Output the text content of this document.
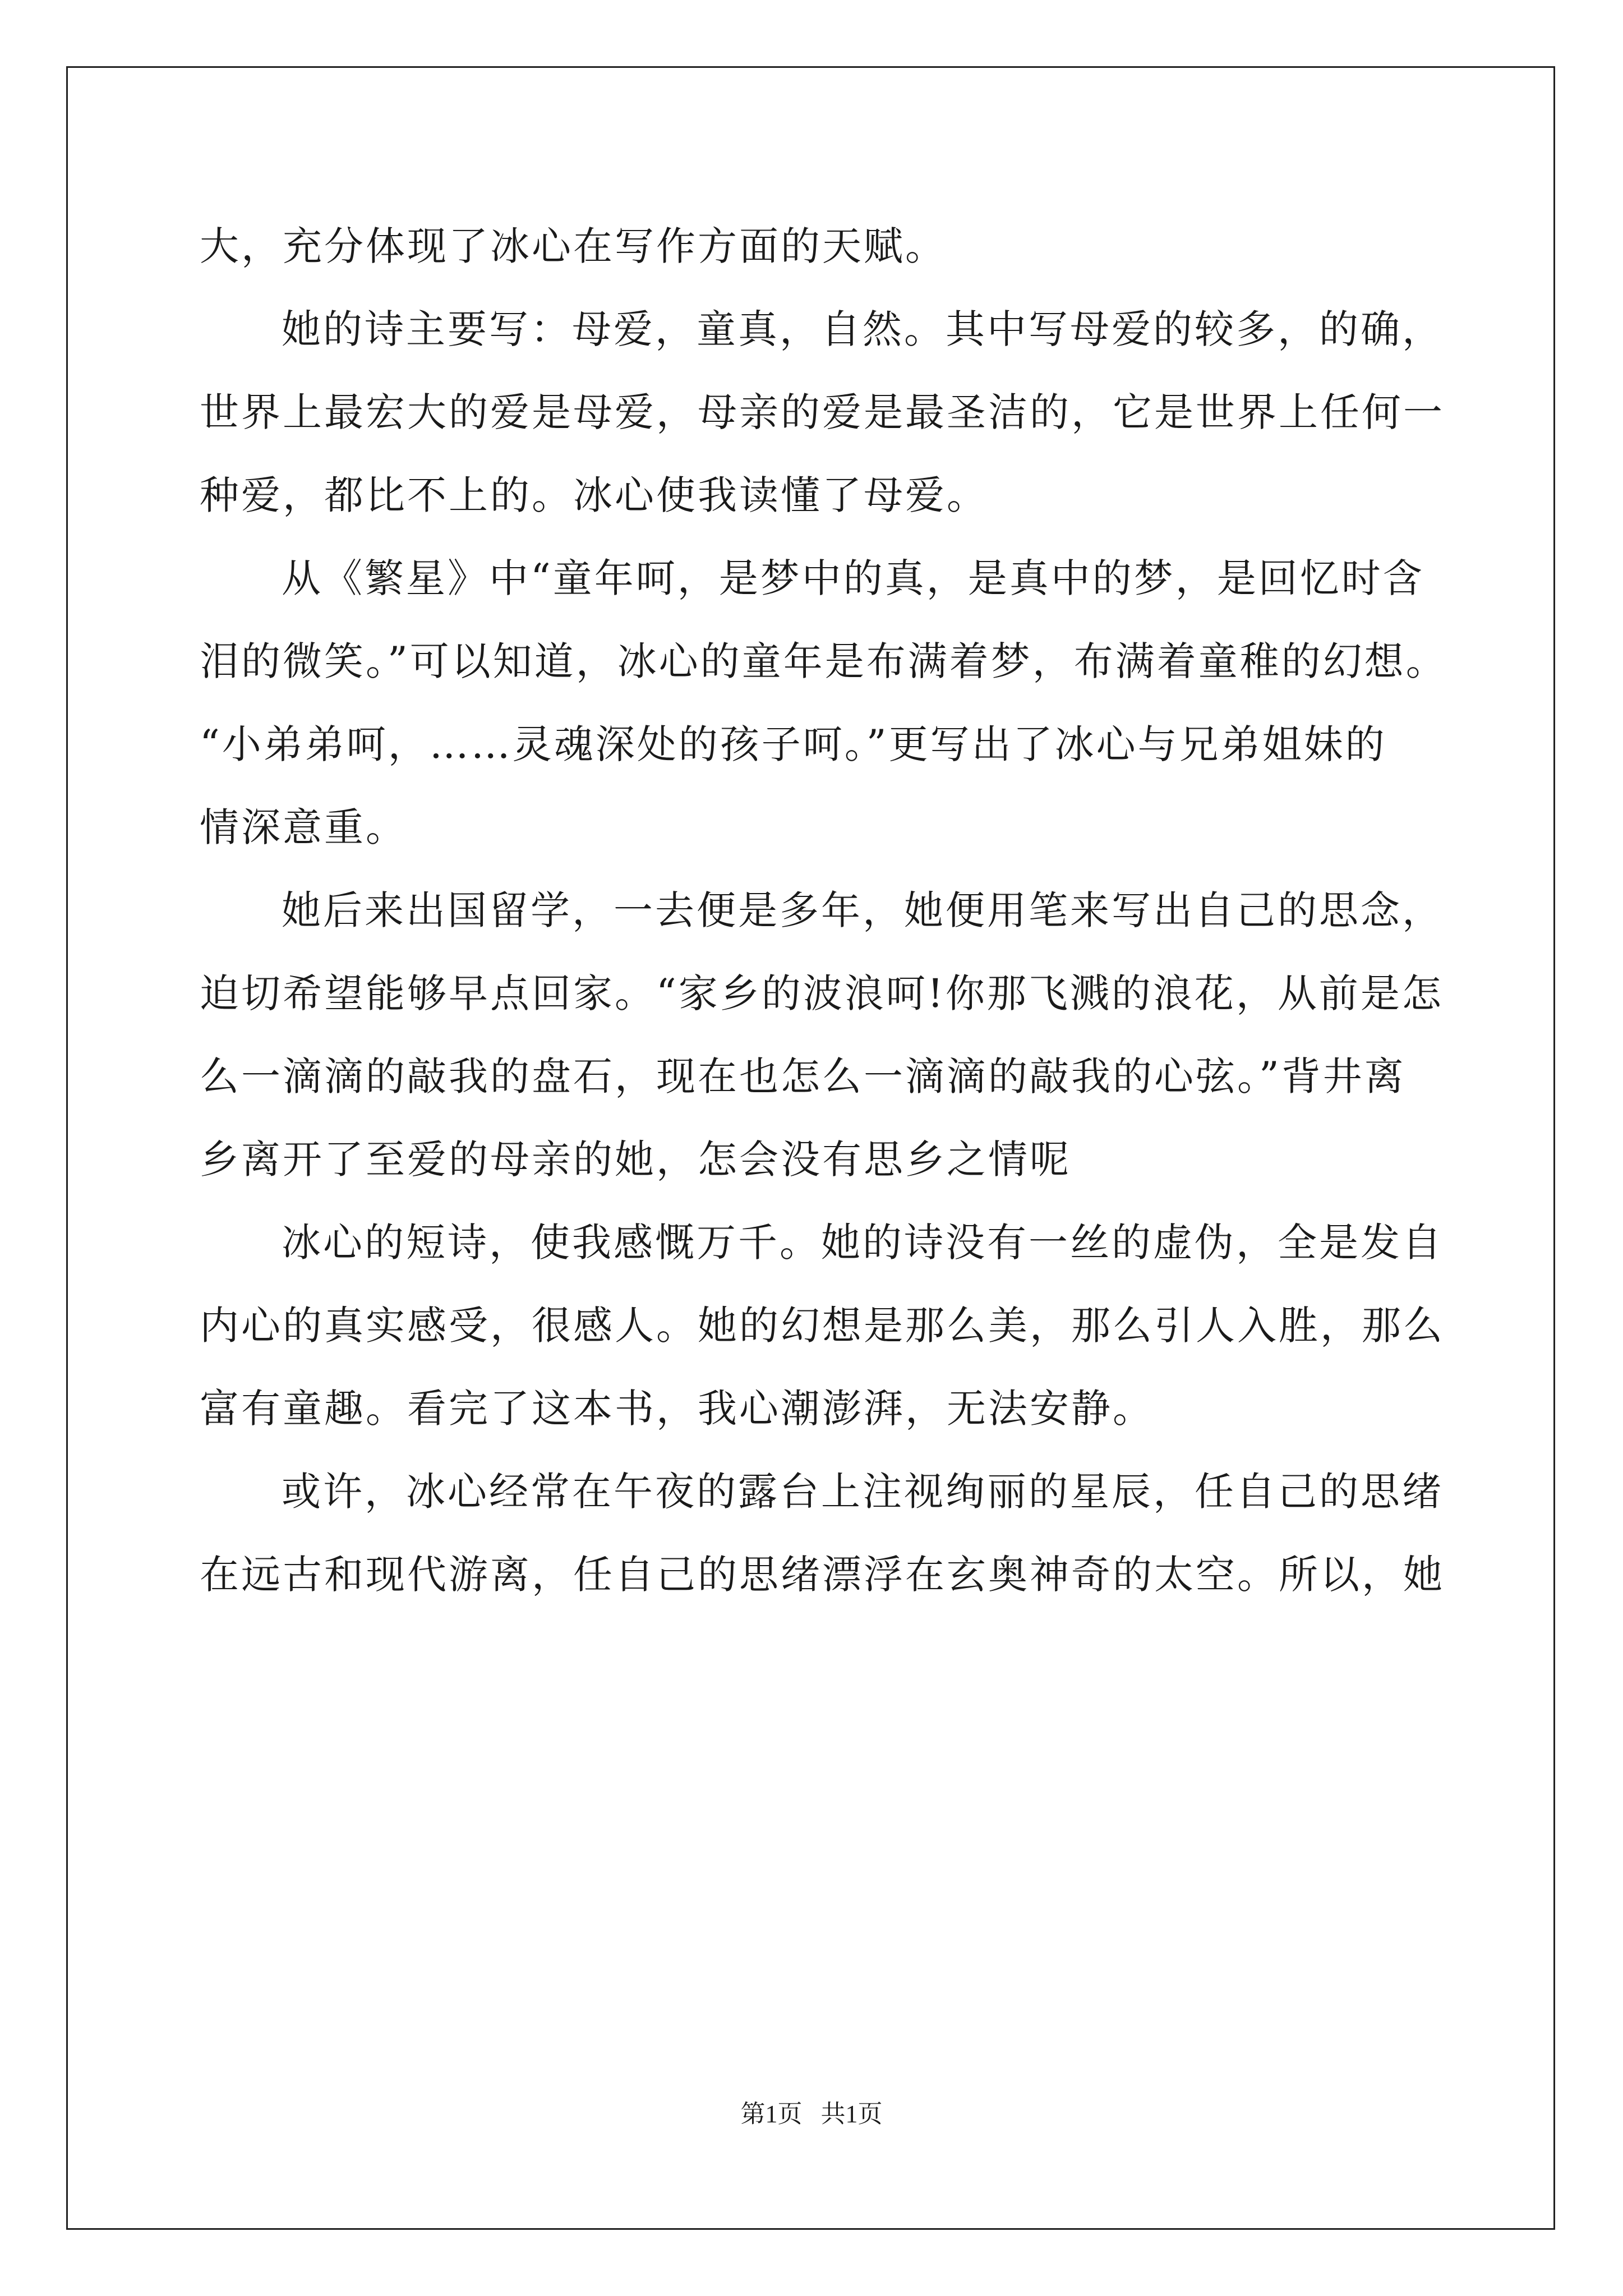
大，充分体现了冰心在写作方面的天赋。
她的诗主要写：母爱，童真，自然。其中写母爱的较多，的确，
世界上最宏大的爱是母爱，母亲的爱是最圣洁的，它是世界上任何一
种爱，都比不上的。冰心使我读懂了母爱。
从《繁星》中“童年呵，是梦中的真，是真中的梦，是回忆时含
泪的微笑。”可以知道，冰心的童年是布满着梦，布满着童稚的幻想。
“小弟弟呵，……灵魂深处的孩子呵。”更写出了冰心与兄弟姐妹的
情深意重。
她后来出国留学，一去便是多年，她便用笔来写出自己的思念，
迫切希望能够早点回家。“家乡的波浪呵!你那飞溅的浪花，从前是怎
么一滴滴的敲我的盘石，现在也怎么一滴滴的敲我的心弦。”背井离
乡离开了至爱的母亲的她，怎会没有思乡之情呢
冰心的短诗，使我感慨万千。她的诗没有一丝的虚伪，全是发自
内心的真实感受，很感人。她的幻想是那么美，那么引人入胜，那么
富有童趣。看完了这本书，我心潮澎湃，无法安静。
或许，冰心经常在午夜的露台上注视绚丽的星辰，任自己的思绪
在远古和现代游离，任自己的思绪漂浮在玄奥神奇的太空。所以，她
第1页   共1页
